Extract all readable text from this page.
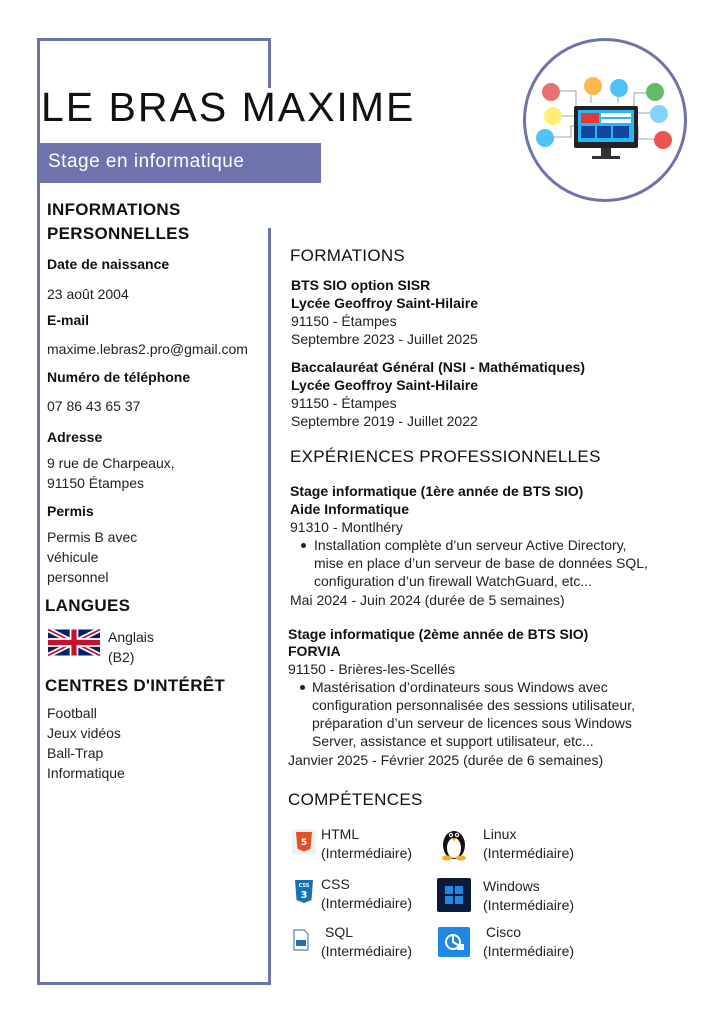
LE BRAS MAXIME
Stage en informatique
INFORMATIONS
PERSONNELLES
Date de naissance
23 août 2004
E-mail
maxime.lebras2.pro@gmail.com
Numéro de téléphone
07 86 43 65 37
Adresse
9 rue de Charpeaux,
91150 Étampes
Permis
Permis B avec
véhicule
personnel
LANGUES
Anglais
(B2)
CENTRES D'INTÉRÊT
Football
Jeux vidéos
Ball-Trap
Informatique
FORMATIONS
BTS SIO option SISR
Lycée Geoffroy Saint-Hilaire
91150 - Étampes
Septembre 2023 - Juillet 2025
Baccalauréat Général (NSI - Mathématiques)
Lycée Geoffroy Saint-Hilaire
91150 - Étampes
Septembre 2019 - Juillet 2022
EXPÉRIENCES PROFESSIONNELLES
Stage informatique (1ère année de BTS SIO)
Aide Informatique
91310 - Montlhéry
Installation complète d’un serveur Active Directory,
mise en place d’un serveur de base de données SQL,
configuration d’un firewall WatchGuard, etc...
Mai 2024 - Juin 2024 (durée de 5 semaines)
Stage informatique (2ème année de BTS SIO)
FORVIA
91150 - Brières-les-Scellés
Mastérisation d’ordinateurs sous Windows avec
configuration personnalisée des sessions utilisateur,
préparation d’un serveur de licences sous Windows
Server, assistance et support utilisateur, etc...
Janvier 2025 - Février 2025 (durée de 6 semaines)
COMPÉTENCES
5
HTML
(Intermédiaire)
Linux
(Intermédiaire)
CSS
3
CSS
(Intermédiaire)
Windows
(Intermédiaire)
SQL
(Intermédiaire)
Cisco
(Intermédiaire)
